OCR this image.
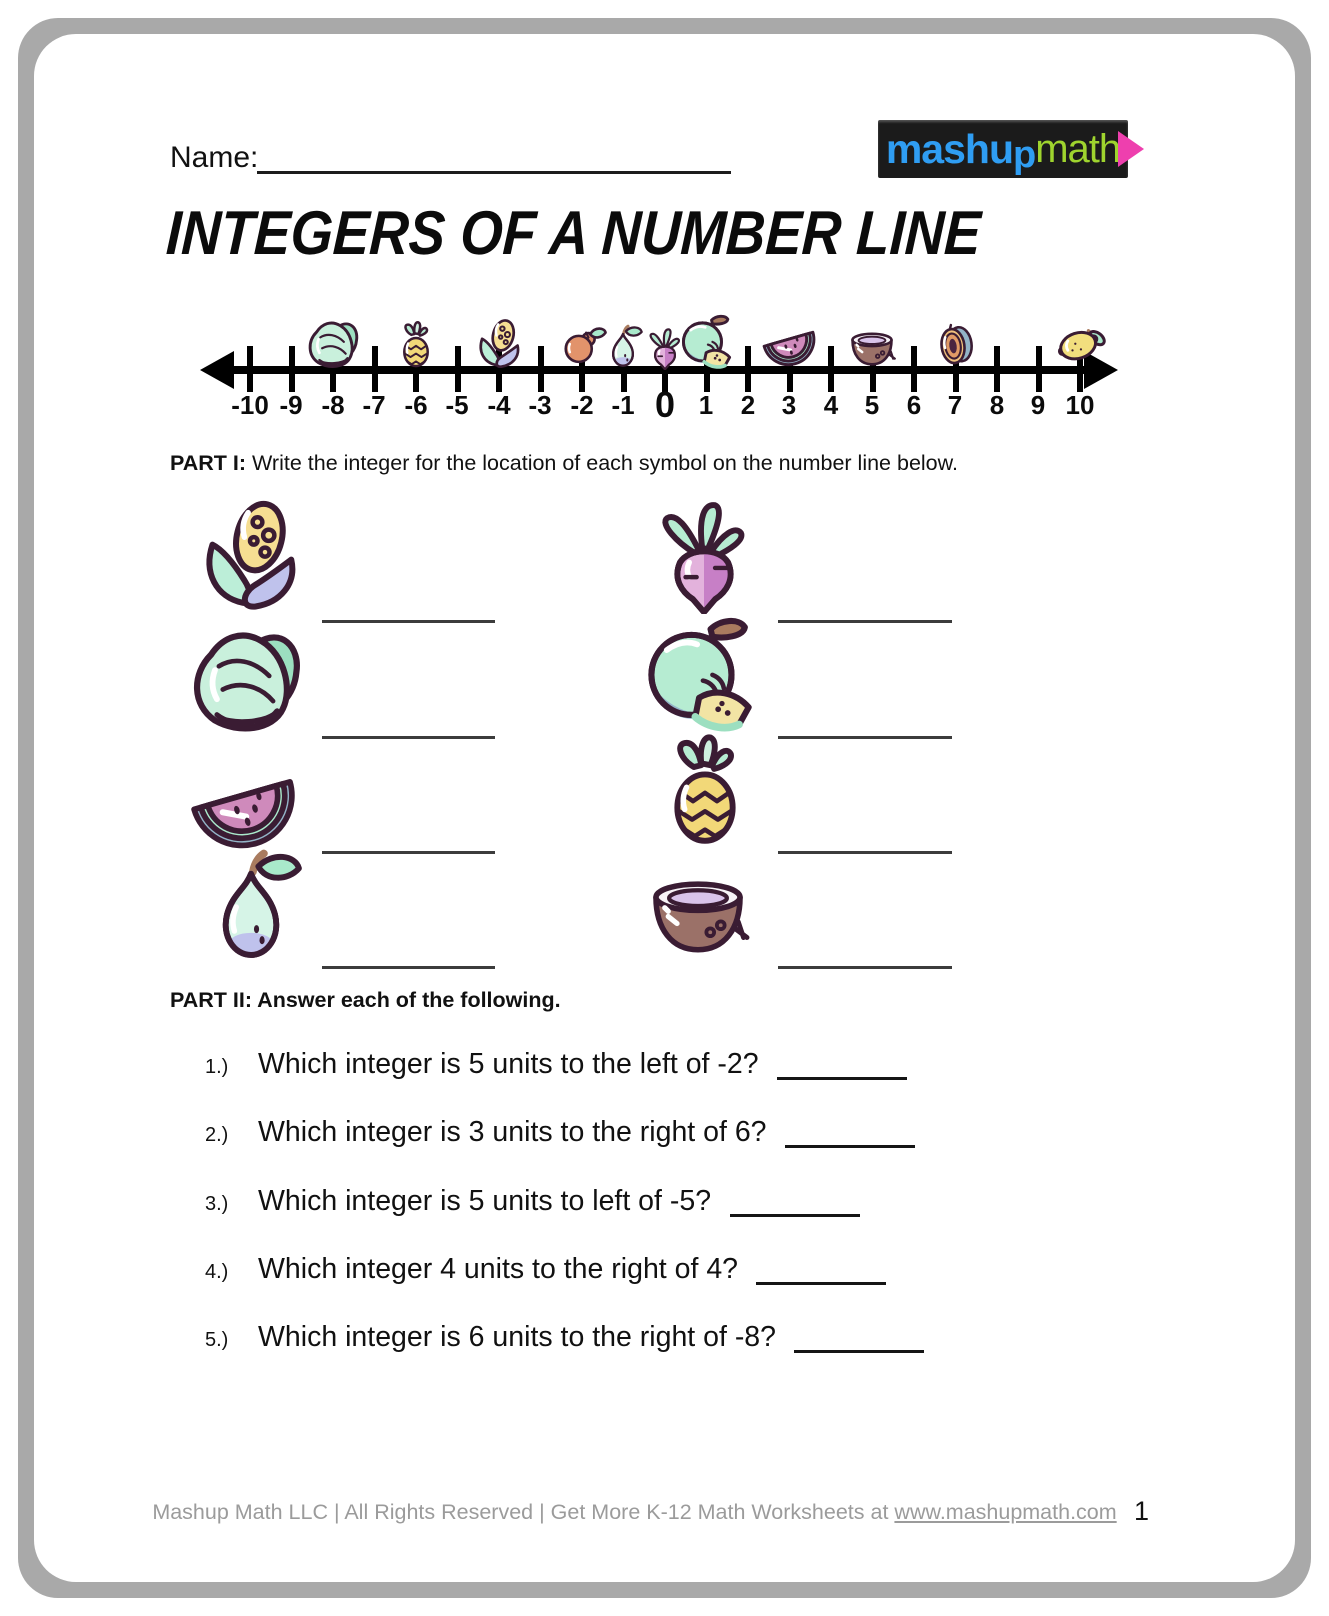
Name:	mashu p math
INTEGERS OF A NUMBER LINE
-10 -9 -8 -7 -6 -5 -4 -3 -2 -1 0 1	2	3	4	5	6	7	8	9 10
PART I: Write the integer for the location of each symbol on the number line below.
PART II: Answer each of the following.
1.) Which integer is 5 units to the left of -2?
2.) Which integer is 3 units to the right of 6?
3.) Which integer is 5 units to left of -5?
4.) Which integer 4 units to the right of 4?
5.) Which integer is 6 units to the right of -8?
Mashup Math LLC | All Rights Reserved | Get More K-12 Math Worksheets at www.mashupmath.com 1
